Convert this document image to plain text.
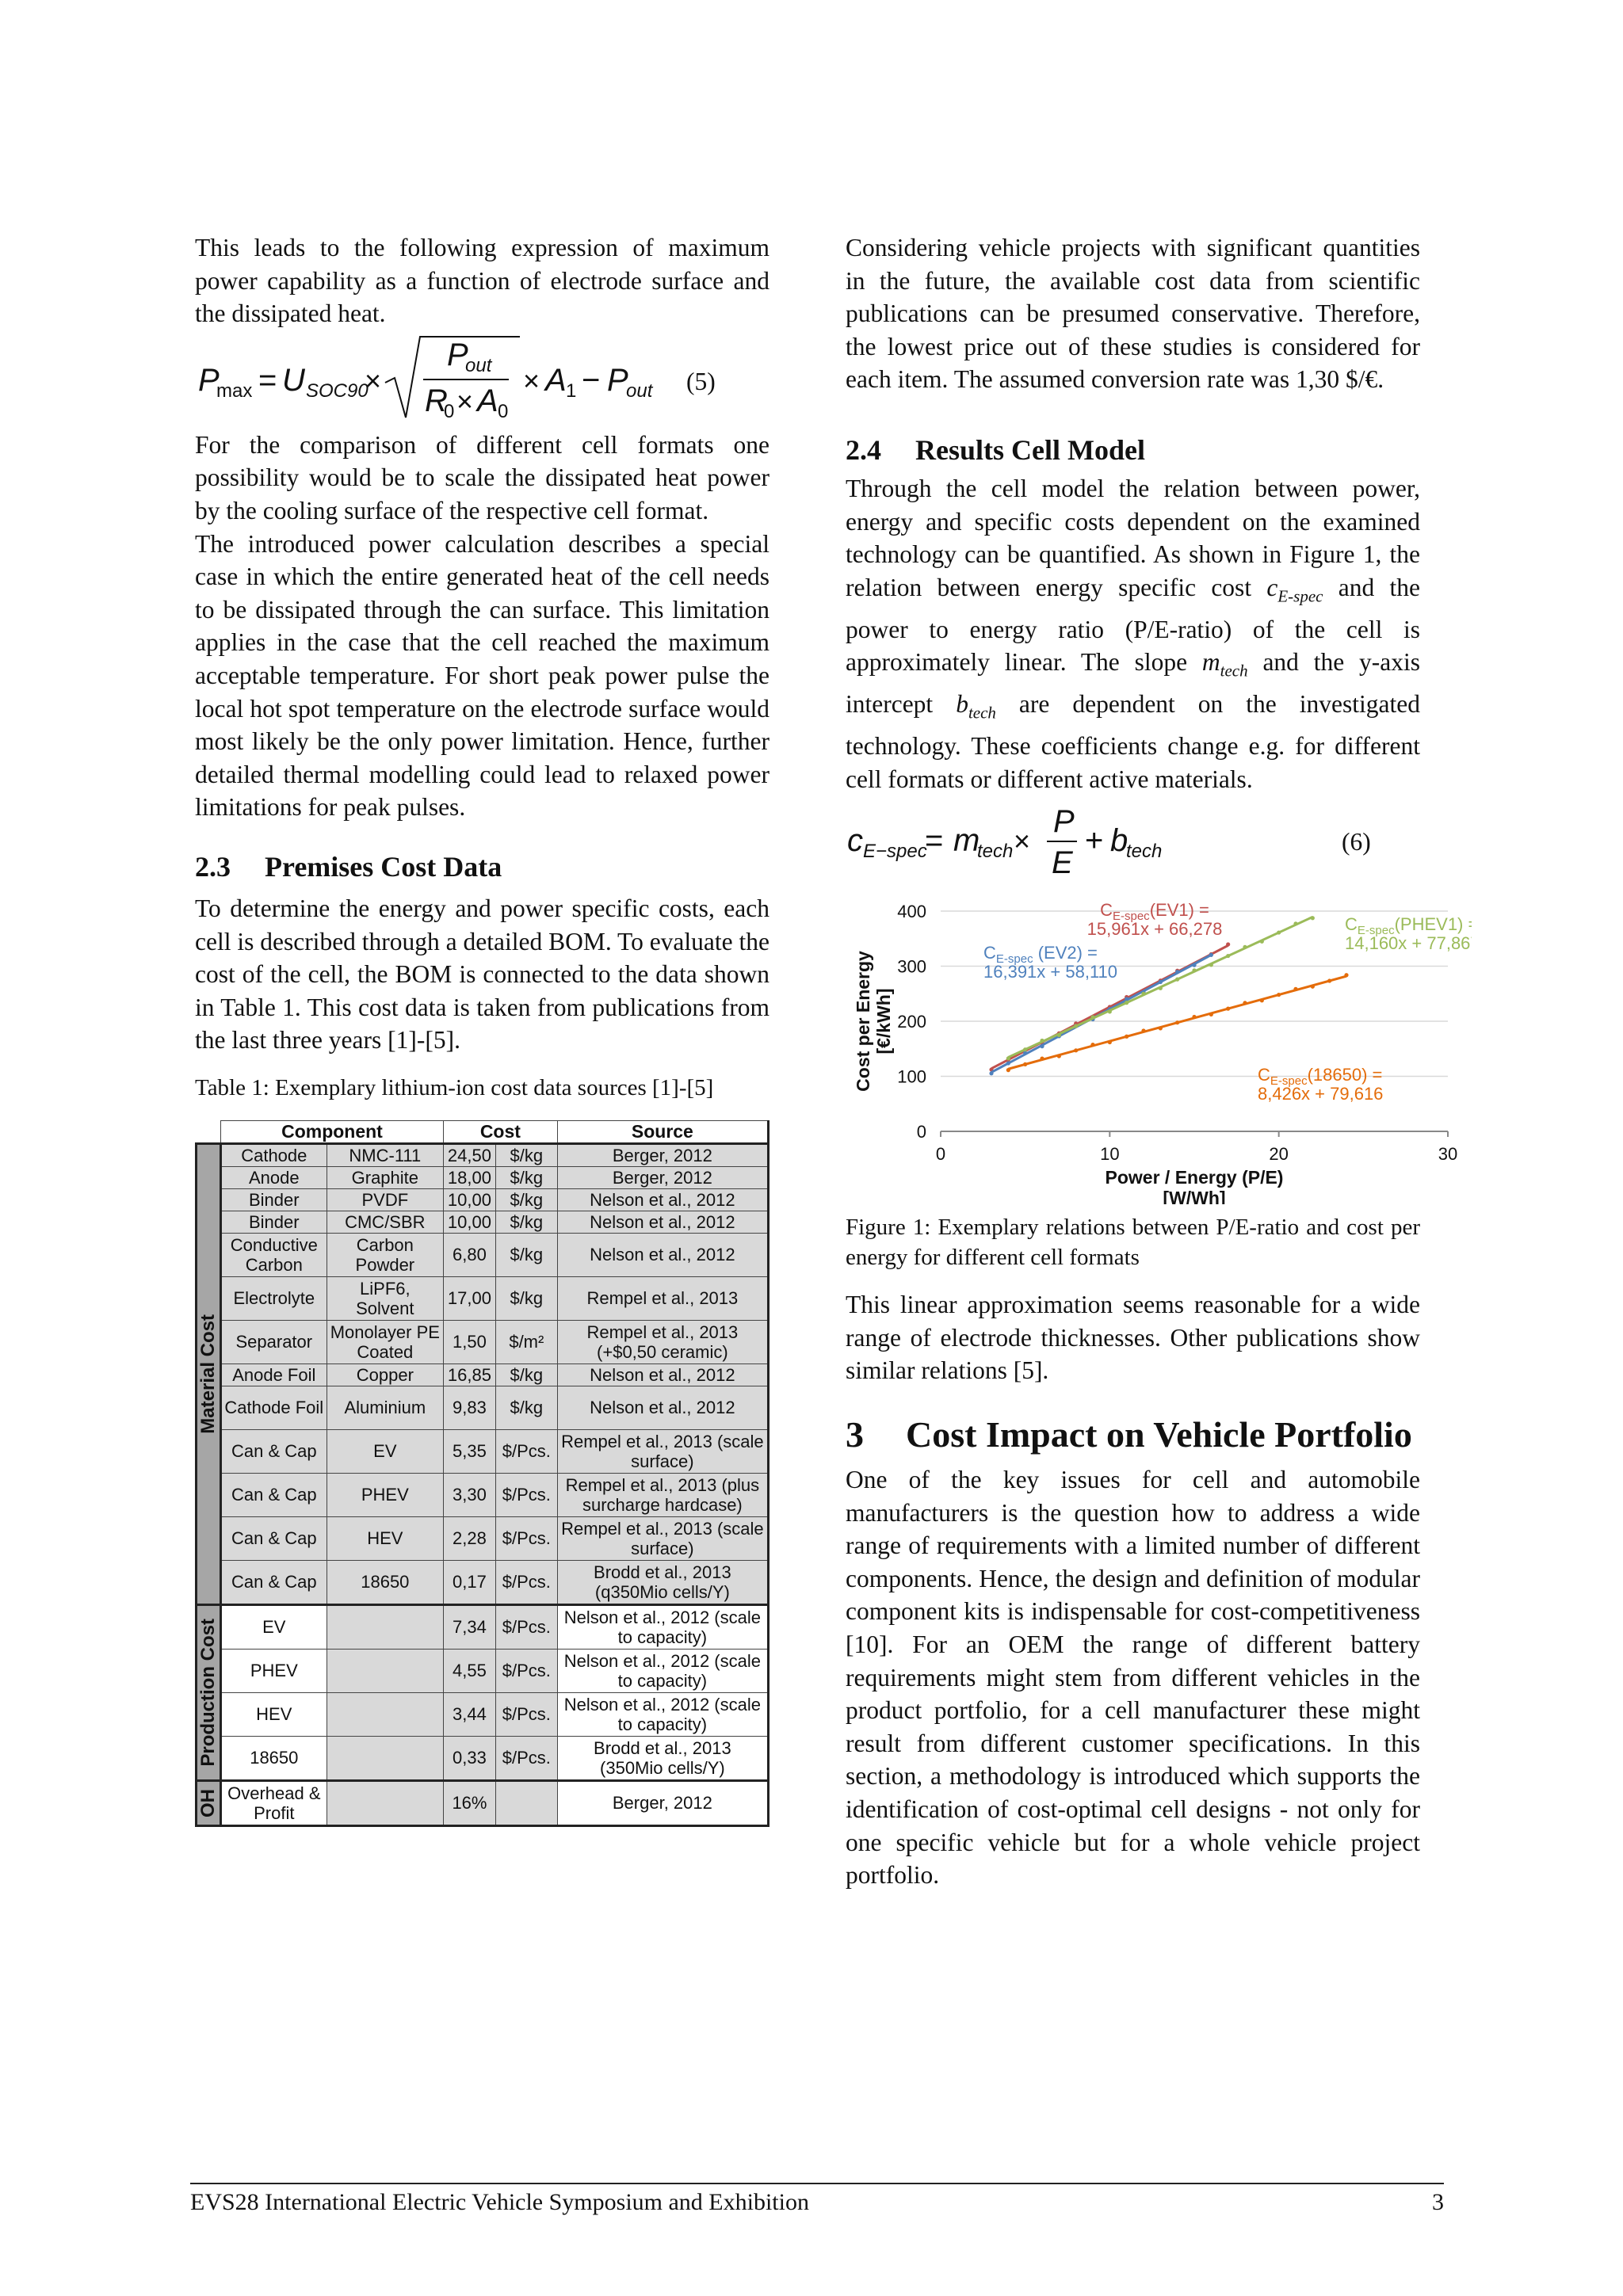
This leads to the following expression of maximum power capability as a function of electrode surface and the dissipated heat.

P
max = U SOC90
×
P
out
R
0 × A 0
× A 1 − P
out (5)

For the comparison of different cell formats one possibility would be to scale the dissipated heat power by the cooling surface of the respective cell format.

The introduced power calculation describes a special case in which the entire generated heat of the cell needs to be dissipated through the can surface. This limitation applies in the case that the cell reached the maximum acceptable temperature. For short peak power pulse the local hot spot temperature on the electrode surface would most likely be the only power limitation. Hence, further detailed thermal modelling could lead to relaxed power limitations for peak pulses.

2.3 Premises Cost Data

To determine the energy and power specific costs, each cell is described through a detailed BOM. To evaluate the cost of the cell, the BOM is connected to the data shown in Table 1. This cost data is taken from publications from the last three years [1]-[5].

Table 1: Exemplary lithium-ion cost data sources [1]-[5]

	Component		Cost		Source

Material Cost	Cathode	NMC-111	24,50	$/kg	Berger, 2012
	Anode	Graphite	18,00	$/kg	Berger, 2012
	Binder	PVDF	10,00	$/kg	Nelson et al., 2012
	Binder	CMC/SBR	10,00	$/kg	Nelson et al., 2012
	Conductive Carbon	Carbon Powder	6,80	$/kg	Nelson et al., 2012
	Electrolyte	LiPF6, Solvent	17,00	$/kg	Rempel et al., 2013
	Separator	Monolayer PE Coated	1,50	$/m²	Rempel et al., 2013 (+$0,50 ceramic)
	Anode Foil	Copper	16,85	$/kg	Nelson et al., 2012
	Cathode Foil	Aluminium	9,83	$/kg	Nelson et al., 2012
	Can & Cap	EV	5,35	$/Pcs.	Rempel et al., 2013 (scale surface)
	Can & Cap	PHEV	3,30	$/Pcs.	Rempel et al., 2013 (plus surcharge hardcase)
	Can & Cap	HEV	2,28	$/Pcs.	Rempel et al., 2013 (scale surface)
	Can & Cap	18650	0,17	$/Pcs.	Brodd et al., 2013 (q350Mio cells/Y)

Production Cost	EV		7,34	$/Pcs.	Nelson et al., 2012 (scale to capacity)
	PHEV		4,55	$/Pcs.	Nelson et al., 2012 (scale to capacity)
	HEV		3,44	$/Pcs.	Nelson et al., 2012 (scale to capacity)
	18650		0,33	$/Pcs.	Brodd et al., 2013 (350Mio cells/Y)

OH	Overhead & Profit		16%		Berger, 2012

Considering vehicle projects with significant quantities in the future, the available cost data from scientific publications can be presumed conservative. Therefore, the lowest price out of these studies is considered for each item. The assumed conversion rate was 1,30 $/€.

2.4 Results Cell Model

Through the cell model the relation between power, energy and specific costs dependent on the examined technology can be quantified. As shown in Figure 1, the relation between energy specific cost $c_{E-spec}$ and the power to energy ratio (P/E-ratio) of the cell is approximately linear. The slope $m_{tech}$ and the y-axis intercept $b_{tech}$ are dependent on the investigated technology. These coefficients change e.g. for different cell formats or different active materials.

c E−spec
= m
tech ×
P
E
+ b
tech	(6)
0
100
200
300
400
0	10	20	30
Power / Energy (P/E)
[W/Wh]
Cost per Energy [€/kWh]
$C_{E-spec}(EV1)$ =
15,961x + 66,278
$C_{E-spec}$ (EV2) =
16,391x + 58,110
$C_{E-spec}(PHEV1)$ =
14,160x + 77,867
$C_{E-spec}(18650)$ =
8,426x + 79,616

Figure 1: Exemplary relations between P/E-ratio and cost per energy for different cell formats

This linear approximation seems reasonable for a wide range of electrode thicknesses. Other publications show similar relations [5].

3	Cost Impact on Vehicle Portfolio

One of the key issues for cell and automobile manufacturers is the question how to address a wide range of requirements with a limited number of different components. Hence, the design and definition of modular component kits is indispensable for cost-competitiveness [10]. For an OEM the range of different battery requirements might stem from different vehicles in the product portfolio, for a cell manufacturer these might result from different customer specifications. In this section, a methodology is introduced which supports the identification of cost-optimal cell designs - not only for one specific vehicle but for a whole vehicle project portfolio.

EVS28 International Electric Vehicle Symposium and Exhibition	3
